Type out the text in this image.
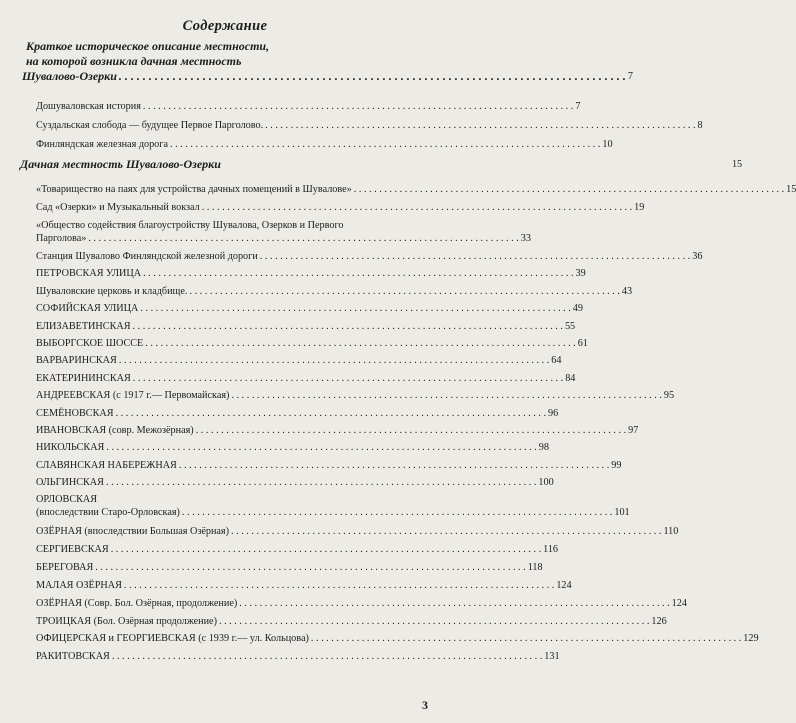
Содержание
Краткое историческое описание местности,
на которой возникла дачная местность
Шувалово-Озерки . . .	7
Дошуваловская история . . .	7
Суздальская слобода — будущее Первое Парголово. . . .	8
Финляндская железная дорога . . .	10
Дачная местность Шувалово-Озерки	15
«Товарищество на паях для устройства дачных помещений в Шувалове» . . .	15
Сад «Озерки» и Музыкальный вокзал . . .	19
«Общество содействия благоустройству Шувалова, Озерков и Первого
Парголова» . . .	33
Станция Шувалово Финляндской железной дороги . . .	36
ПЕТРОВСКАЯ УЛИЦА . . .	39
Шуваловские церковь и кладбище. . . .	43
СОФИЙСКАЯ УЛИЦА . . .	49
ЕЛИЗАВЕТИНСКАЯ . . .	55
ВЫБОРГСКОЕ ШОССЕ . . .	61
ВАРВАРИНСКАЯ . . .	64
ЕКАТЕРИНИНСКАЯ . . .	84
АНДРЕЕВСКАЯ (с 1917 г.— Первомайская) . . .	95
СЕМЁНОВСКАЯ . . .	96
ИВАНОВСКАЯ (совр. Межозёрная) . . .	97
НИКОЛЬСКАЯ . . .	98
СЛАВЯНСКАЯ НАБЕРЕЖНАЯ . . .	99
ОЛЬГИНСКАЯ . . .	100
ОРЛОВСКАЯ
(впоследствии Старо-Орловская) . . .	101
ОЗЁРНАЯ (впоследствии Большая Озёрная) . . .	110
СЕРГИЕВСКАЯ . . .	116
БЕРЕГОВАЯ . . .	118
МАЛАЯ ОЗЁРНАЯ . . .	124
ОЗЁРНАЯ (Совр. Бол. Озёрная, продолжение) . . .	124
ТРОИЦКАЯ (Бол. Озёрная продолжение) . . .	126
ОФИЦЕРСКАЯ и ГЕОРГИЕВСКАЯ (с 1939 г.— ул. Кольцова) . . .	129
РАКИТОВСКАЯ . . .	131
3
